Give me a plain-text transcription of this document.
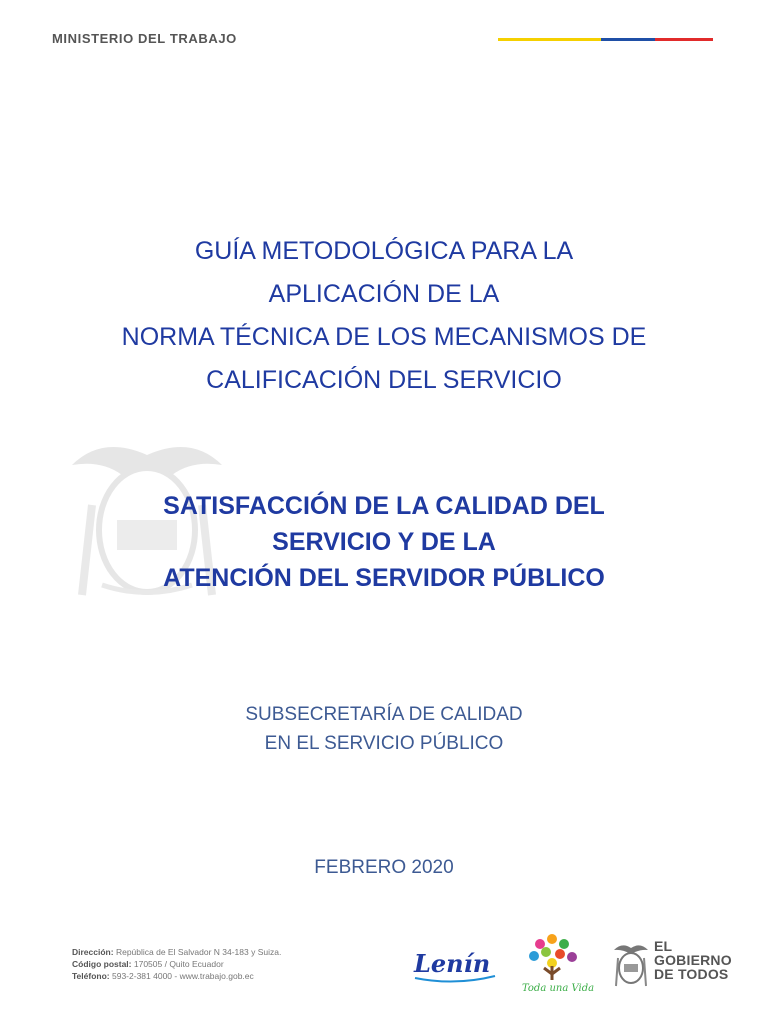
MINISTERIO DEL TRABAJO
GUÍA METODOLÓGICA PARA LA
APLICACIÓN DE LA
NORMA TÉCNICA DE LOS MECANISMOS DE
CALIFICACIÓN DEL SERVICIO
SATISFACCIÓN DE LA CALIDAD DEL
SERVICIO Y DE LA
ATENCIÓN DEL SERVIDOR PÚBLICO
SUBSECRETARÍA DE CALIDAD
EN EL SERVICIO PÚBLICO
FEBRERO 2020
Dirección: República de El Salvador N 34-183 y Suiza.
Código postal: 170505 / Quito Ecuador
Teléfono: 593-2-381 4000 - www.trabajo.gob.ec	Lenín
Toda una Vida
EL
GOBIERNO
DE TODOS
